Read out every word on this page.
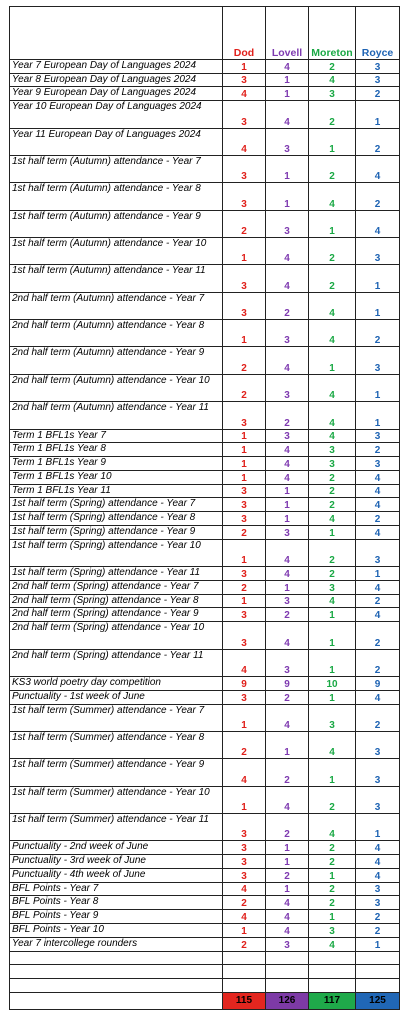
	Dod	Lovell	Moreton	Royce
Year 7 European Day of Languages 2024	1	4	2	3
Year 8 European Day of Languages 2024	3	1	4	3
Year 9 European Day of Languages 2024	4	1	3	2
Year 10 European Day of Languages 2024	3	4	2	1
Year 11 European Day of Languages 2024	4	3	1	2
1st half term (Autumn) attendance - Year 7	3	1	2	4
1st half term (Autumn) attendance - Year 8	3	1	4	2
1st half term (Autumn) attendance - Year 9	2	3	1	4
1st half term (Autumn) attendance - Year 10	1	4	2	3
1st half term (Autumn) attendance - Year 11	3	4	2	1
2nd half term (Autumn) attendance - Year 7	3	2	4	1
2nd half term (Autumn) attendance - Year 8	1	3	4	2
2nd half term (Autumn) attendance - Year 9	2	4	1	3
2nd half term (Autumn) attendance - Year 10	2	3	4	1
2nd half term (Autumn) attendance - Year 11	3	2	4	1
Term 1 BFL1s Year 7	1	3	4	3
Term 1 BFL1s Year 8	1	4	3	2
Term 1 BFL1s Year 9	1	4	3	3
Term 1 BFL1s Year 10	1	4	2	4
Term 1 BFL1s Year 11	3	1	2	4
1st half term (Spring) attendance - Year 7	3	1	2	4
1st half term (Spring) attendance - Year 8	3	1	4	2
1st half term (Spring) attendance - Year 9	2	3	1	4
1st half term (Spring) attendance - Year 10	1	4	2	3
1st half term (Spring) attendance - Year 11	3	4	2	1
2nd half term (Spring) attendance - Year 7	2	1	3	4
2nd half term (Spring) attendance - Year 8	1	3	4	2
2nd half term (Spring) attendance - Year 9	3	2	1	4
2nd half term (Spring) attendance - Year 10	3	4	1	2
2nd half term (Spring) attendance - Year 11	4	3	1	2
KS3 world poetry day competition	9	9	10	9
Punctuality - 1st week of June	3	2	1	4
1st half term (Summer) attendance - Year 7	1	4	3	2
1st half term (Summer) attendance - Year 8	2	1	4	3
1st half term (Summer) attendance - Year 9	4	2	1	3
1st half term (Summer) attendance - Year 10	1	4	2	3
1st half term (Summer) attendance - Year 11	3	2	4	1
Punctuality - 2nd week of June	3	1	2	4
Punctuality - 3rd week of June	3	1	2	4
Punctuality - 4th week of June	3	2	1	4
BFL Points - Year 7	4	1	2	3
BFL Points - Year 8	2	4	2	3
BFL Points - Year 9	4	4	1	2
BFL Points - Year 10	1	4	3	2
Year 7 intercollege rounders	2	3	4	1

	115	126	117	125
